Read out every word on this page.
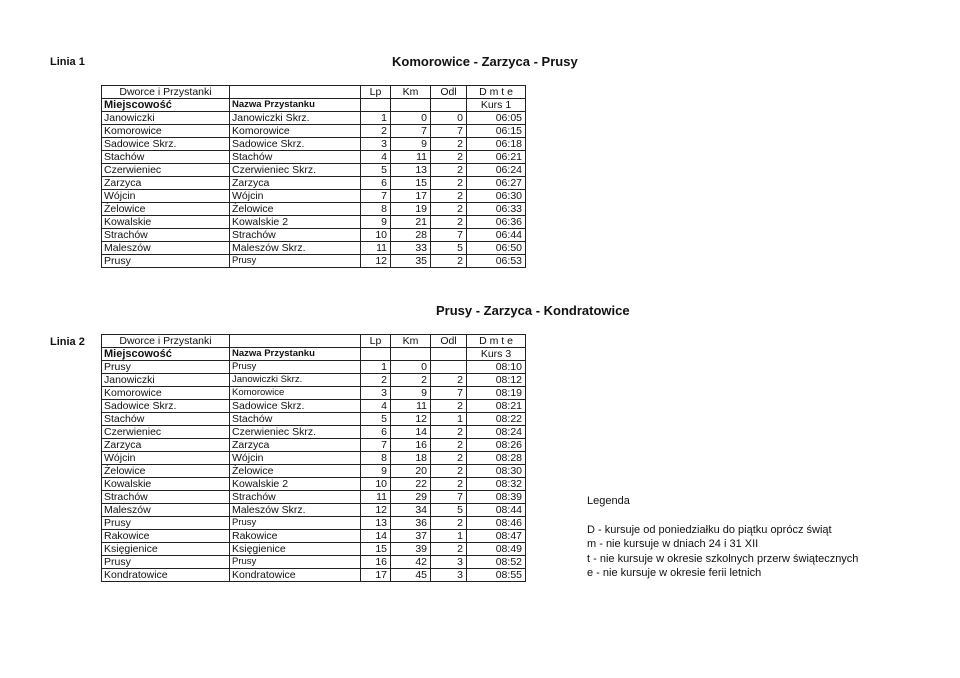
Linia 1	Komorowice - Zarzyca - Prusy
Dworce i Przystanki		Lp	Km	Odl	D m t e
Miejscowość	Nazwa Przystanku				Kurs 1
Janowiczki	Janowiczki Skrz.	1	0	0	06:05
Komorowice	Komorowice	2	7	7	06:15
Sadowice Skrz.	Sadowice Skrz.	3	9	2	06:18
Stachów	Stachów	4	11	2	06:21
Czerwieniec	Czerwieniec Skrz.	5	13	2	06:24
Zarzyca	Zarzyca	6	15	2	06:27
Wójcin	Wójcin	7	17	2	06:30
Żelowice	Żelowice	8	19	2	06:33
Kowalskie	Kowalskie 2	9	21	2	06:36
Strachów	Strachów	10	28	7	06:44
Maleszów	Maleszów Skrz.	11	33	5	06:50
Prusy	Prusy	12	35	2	06:53
Prusy - Zarzyca - Kondratowice
Linia 2	Dworce i Przystanki		Lp	Km	Odl	D m t e
Miejscowość	Nazwa Przystanku				Kurs 3
Prusy	Prusy	1	0		08:10
Janowiczki	Janowiczki Skrz.	2	2	2	08:12
Komorowice	Komorowice	3	9	7	08:19
Sadowice Skrz.	Sadowice Skrz.	4	11	2	08:21
Stachów	Stachów	5	12	1	08:22
Czerwieniec	Czerwieniec Skrz.	6	14	2	08:24
Zarzyca	Zarzyca	7	16	2	08:26
Wójcin	Wójcin	8	18	2	08:28
Żelowice	Żelowice	9	20	2	08:30
Kowalskie	Kowalskie 2	10	22	2	08:32
Strachów	Strachów	11	29	7	08:39
Maleszów	Maleszów Skrz.	12	34	5	08:44
Prusy	Prusy	13	36	2	08:46
Rakowice	Rakowice	14	37	1	08:47
Księgienice	Księgienice	15	39	2	08:49
Prusy	Prusy	16	42	3	08:52
Kondratowice	Kondratowice	17	45	3	08:55
Legenda
D - kursuje od poniedziałku do piątku oprócz świąt
m - nie kursuje w dniach 24 i 31 XII
t - nie kursuje w okresie szkolnych przerw świątecznych
e - nie kursuje w okresie ferii letnich
